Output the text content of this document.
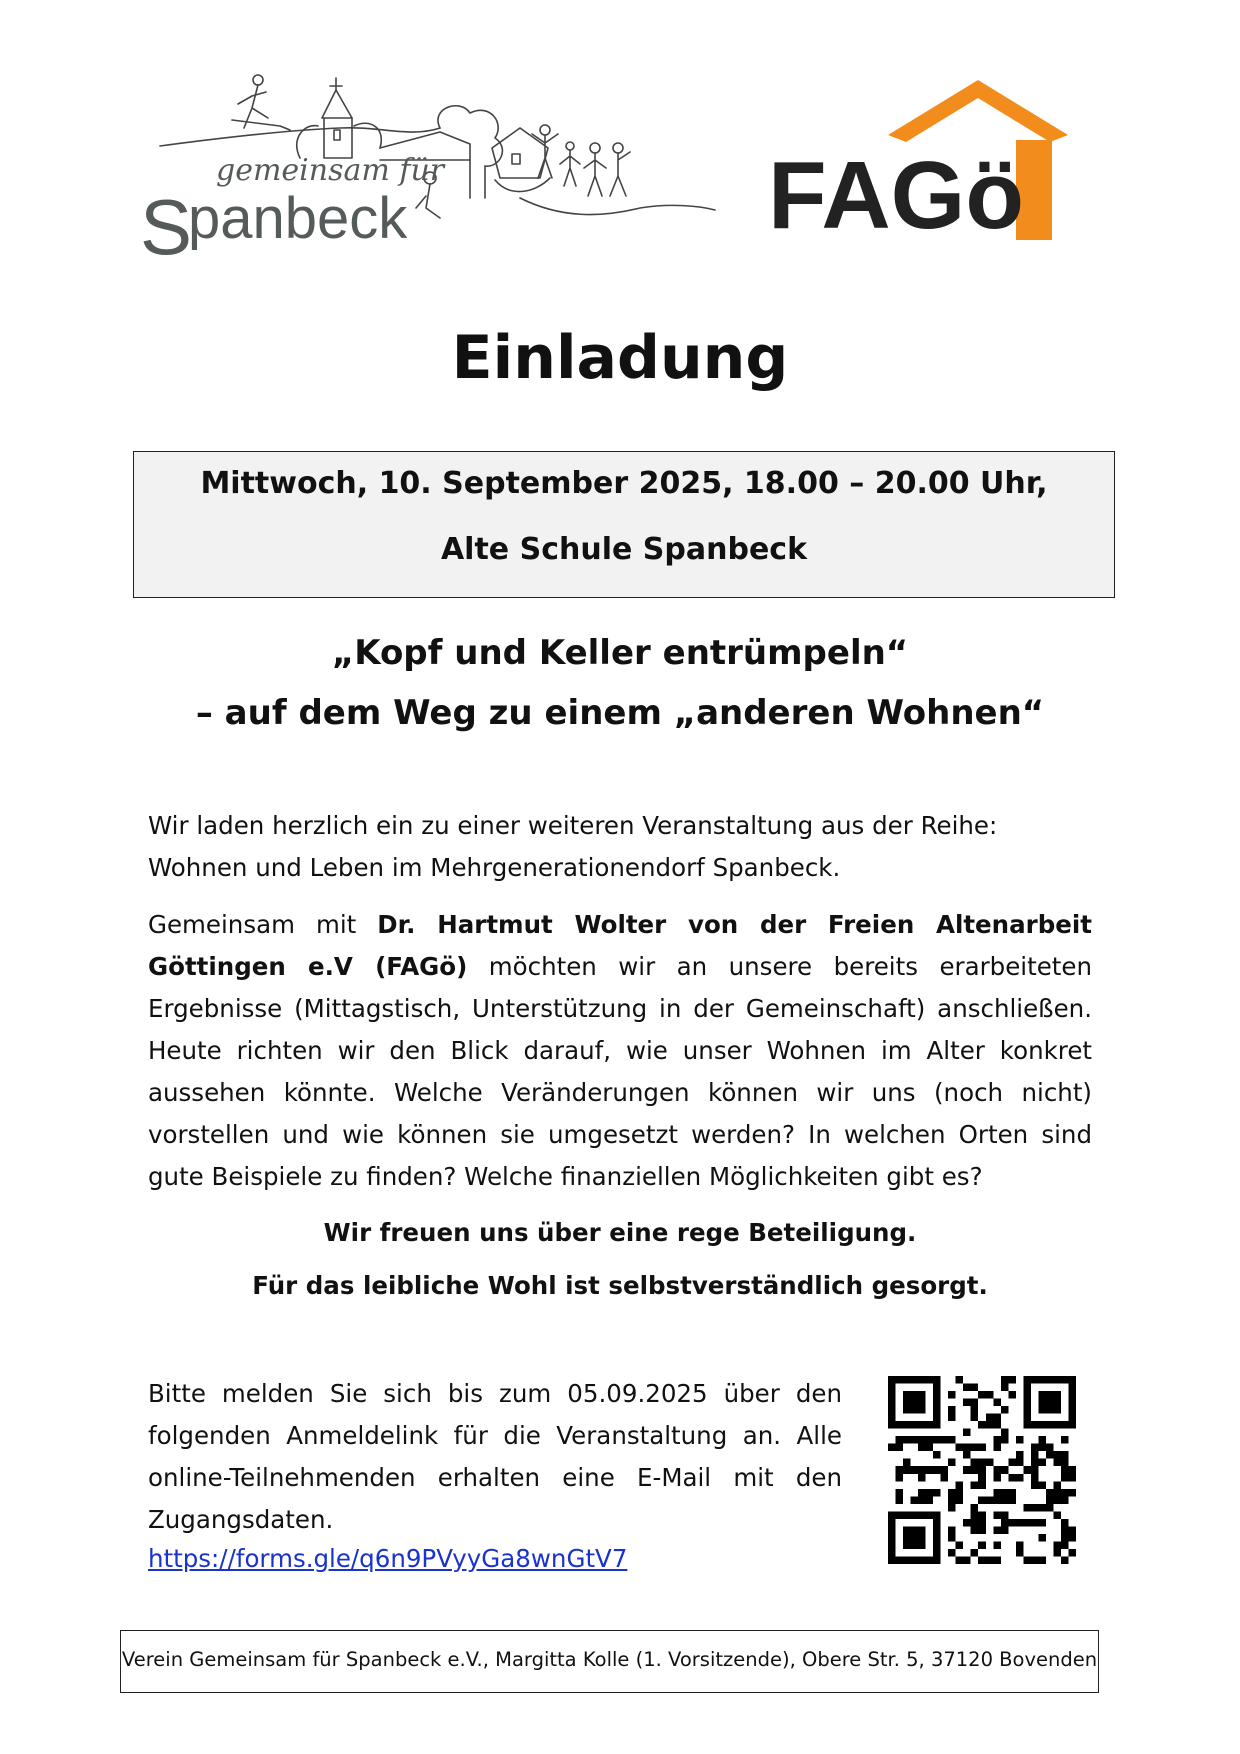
gemeinsam für
S
panbeck	FAGö
Einladung
Mittwoch, 10. September 2025, 18.00 – 20.00 Uhr,
Alte Schule Spanbeck
„Kopf und Keller entrümpeln“
– auf dem Weg zu einem „anderen Wohnen“
Wir laden herzlich ein zu einer weiteren Veranstaltung aus der Reihe: Wohnen und Leben im Mehrgenerationendorf Spanbeck.
Gemeinsam mit Dr. Hartmut Wolter von der Freien Altenarbeit Göttingen e.V (FAGö) möchten wir an unsere bereits erarbeiteten Ergebnisse (Mittagstisch, Unterstützung in der Gemeinschaft) anschließen. Heute richten wir den Blick darauf, wie unser Wohnen im Alter konkret aussehen könnte. Welche Veränderungen können wir uns (noch nicht) vorstellen und wie können sie umgesetzt werden? In welchen Orten sind gute Beispiele zu finden? Welche finanziellen Möglichkeiten gibt es?
Wir freuen uns über eine rege Beteiligung.
Für das leibliche Wohl ist selbstverständlich gesorgt.
Bitte melden Sie sich bis zum 05.09.2025 über den folgenden Anmeldelink für die Veranstaltung an. Alle online-Teilnehmenden erhalten eine E-Mail mit den Zugangsdaten.
https://forms.gle/q6n9PVyyGa8wnGtV7
Verein Gemeinsam für Spanbeck e.V., Margitta Kolle (1. Vorsitzende), Obere Str. 5, 37120 Bovenden
